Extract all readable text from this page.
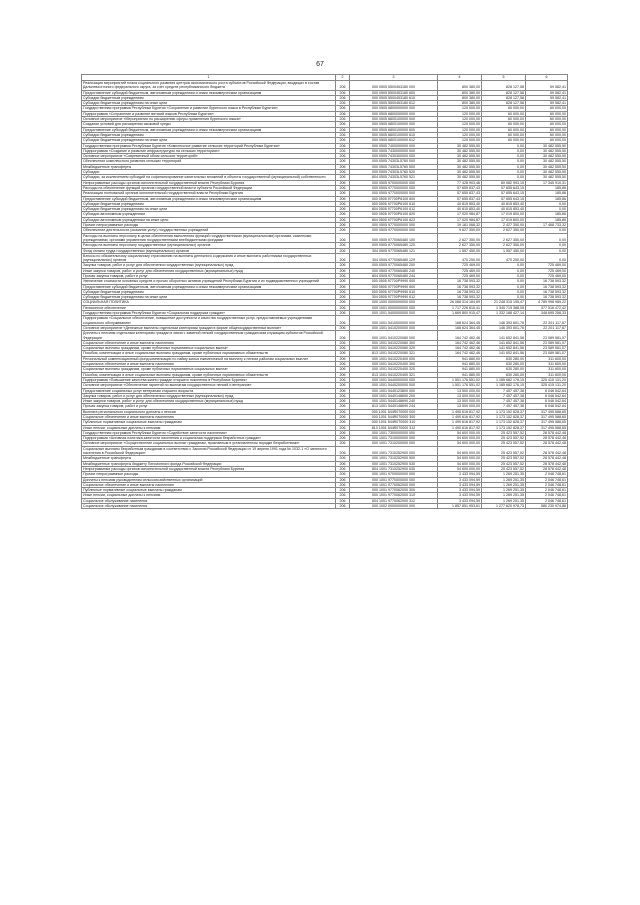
67
1	2	3	4	5	6
Реализация мероприятий плана социального развития центров экономического роста субъектов Российской Федерации, входящих в состав Дальневосточного федерального округа, за счет средств республиканского бюджета	206	000 0505 5500453180 000	800 380,00	828 127,58	59 582,41
Предоставление субсидий бюджетным, автономным учреждениям и иным некоммерческим организациям	206	000 0505 5500453180 600	800 380,00	828 127,58	59 582,41
Субсидии бюджетным учреждениям	206	000 0505 5500453180 610	800 380,00	828 127,58	59 582,41
Субсидии бюджетным учреждениям на иные цели	206	000 0505 5500453180 612	800 380,00	828 127,58	59 582,41
Государственная программа Республики Бурятия «Сохранение и развитие бурятского языка в Республике Бурятия»	206	000 0505 6800000000 000	120 000,00	60 000,00	60 000,00
Подпрограмма «Сохранение и развитие вятский языков Республики Бурятия»	206	000 0505 6800000000 000	120 000,00	60 000,00	60 000,00
Основное мероприятие «Мероприятия по расширению сферы применения бурятского языка»	206	000 0505 6800100000 000	120 000,00	60 000,00	60 000,00
Создание условий для расширения языковой среды	206	000 0505 6800100000 000	120 000,00	60 000,00	60 000,00
Предоставление субсидий бюджетным, автономным учреждениям и иным некоммерческим организациям	206	000 0505 6800100000 600	120 000,00	60 000,00	60 000,00
Субсидии бюджетным учреждениям	206	000 0505 6800100000 610	120 000,00	60 000,00	60 000,00
Субсидии бюджетным учреждениям на иные цели	206	000 0505 6800100000 612	120 000,00	60 000,00	60 000,00
Государственная программа Республики Бурятия «Комплексное развитие сельских территорий Республики Бурятия»	206	000 0505 7400000000 000	30 482 555,50	0,00	30 482 555,50
Подпрограмма «Создание и развитие инфраструктуры на сельских территориях»	206	000 0505 7430000000 000	30 482 555,50	0,00	30 482 555,50
Основное мероприятие «Современный облик сельских территорий»	206	000 0505 7430300000 000	30 482 555,50	0,00	30 482 555,50
Обеспечение комплексного развития сельских территорий	206	000 0505 74303L5760 000	30 482 555,50	0,00	30 482 555,50
Межбюджетные трансферты	206	000 0505 74303L5760 500	30 482 555,50	0,00	30 482 555,50
Субсидии	206	000 0505 74303L5760 520	30 482 555,50	0,00	30 482 555,50
Субсидии, за исключением субсидий на софинансирование капитальных вложений в объекты государственной (муниципальной) собственности	206	804 0505 74303L5760 521	30 482 555,50	0,00	30 482 555,50
Непрограммные расходы органов исполнительной государственной власти Республики Бурятия	206	000 0505 9700000000 000	77 428 903,46	60 082 993,15	17 345 910,31
Расходы на обеспечение функций органов государственной власти субъекта Российской Федерации	206	000 0505 9770000000 000	57 655 837,43	57 655 643,15	185,86
Реализация полномочий органов исполнительной государственной власти Республики Бурятия	206	000 0505 9770000000 000	57 655 837,43	57 655 643,15	185,86
Предоставление субсидий бюджетным, автономным учреждениям и иным некоммерческим организациям	206	000 0505 97700P6100 600	57 655 837,43	57 655 643,15	185,86
Субсидии бюджетным учреждениям	206	000 0505 97700P6100 610	40 815 853,40	40 815 853,40	0,00
Субсидии бюджетным учреждениям на иные цели	206	804 0505 97700P6100 612	40 815 853,40	40 815 853,40	0,00
Субсидии автономным учреждениям	206	000 0505 97700P6100 620	17 020 984,87	17 019 800,00	185,86
Субсидии автономным учреждениям на иные цели	206	804 0505 97700P6100 622	17 020 984,87	17 019 800,00	185,86
Прочие непрограммные расходы	206	000 0505 9770000000 000	19 161 068,32	2 427 350,00	17 468 733,32
Обеспечение деятельности (оказание услуг) государственных учреждений	206	000 0505 9770000000 000	9 627 350,00	2 627 350,00	0,00
Расходы на выплаты персоналу в целях обеспечения выполнения функций государственными (муниципальными) органами, казенными учреждениями, органами управления государственными внебюджетными фондами	206	000 0505 9770065480 100	2 627 350,00	2 627 350,00	0,00
Расходы на выплаты персоналу государственных (муниципальных) органов	206	000 0505 9770065480 120	2 627 350,00	2 627 350,00	0,00
Фонд оплаты труда государственных (муниципальных) органов	206	304 0505 9770065480 121	1 557 450,00	1 557 450,00	0,00
Взносы по обязательному социальному страхованию на выплаты денежного содержания и иные выплаты работникам государственных (муниципальных) органов	206	304 0505 9770065480 129	470 250,00	470 250,00	0,00
Закупка товаров, работ и услуг для обеспечения государственных (муниципальных) нужд	206	000 0505 9770065480 200	725 469,00	0,00	725 469,00
Иные закупки товаров, работ и услуг для обеспечения государственных (муниципальных) нужд	206	000 0505 9770065480 240	725 469,00	0,00	725 469,00
Прочая закупка товаров, работ и услуг	206	804 0505 9770065480 244	725 469,00	0,00	725 469,00
Увеличение стоимости основных средств и прочих оборотных активов учреждений Республики Бурятия и их подведомственных учреждений	206	000 0505 97700P9990 000	16 738 593,32	0,00	16 738 593,32
Предоставление субсидий бюджетным, автономным учреждениям и иным некоммерческим организациям	206	000 0505 97700P9990 600	16 738 593,32	0,00	16 738 593,32
Субсидии бюджетным учреждениям	206	000 0505 97700P9990 610	16 738 593,32	0,00	16 738 593,32
Субсидии бюджетным учреждениям на иные цели	206	304 0505 97700P9990 612	16 738 593,32	0,00	16 738 593,32
СОЦИАЛЬНАЯ ПОЛИТИКА	206	000 1000 0000000000 000	26 068 314 184,69	21 248 315 195,47	4 789 998 989,22
Пенсионное обеспечение	206	000 1001 0000000000 000	1 717 226 810,41	1 340 719 388,05	377 516 472,42
Государственная программа Республики Бурятия «Социальная поддержка граждан»	206	000 1001 5400000000 000	1 669 800 915,47	1 332 188 427,14	348 695 258,33
Подпрограмма «Социальное обеспечение, повышение доступности и качества государственных услуг, предоставляемых учреждениями социального обслуживания»	206	000 1001 5410000000 000	168 624 364,45	146 393 601,76	22 201 117,67
Основное мероприятие «Денежные выплаты отдельным категориям граждан в форме общегосударственных выплат»	206	000 1001 5410200000 000	168 624 364,45	146 393 601,76	22 201 117,67
Доплаты к пенсиям отдельным категориям граждан в связи с заменой пенсий государственным гражданским служащим субъектов Российской Федерации	206	000 1001 5410220080 000	164 742 462,46	141 652 841,56	23 089 581,07
Социальное обеспечение и иные выплаты населению	206	000 1001 5410220080 300	164 742 462,46	141 652 841,56	23 089 581,07
Социальные выплаты гражданам, кроме публичных нормативных социальных выплат	206	000 1001 5410220080 320	164 742 462,46	141 652 841,56	23 089 581,07
Пособия, компенсации и иные социальные выплаты гражданам, кроме публичных нормативных обязательств	206	813 1001 5410220080 321	164 742 462,46	141 652 841,56	23 089 581,07
Региональный компенсационный фонд компенсации по найму жилья ежемесячный на выплату к пенсии районам социальных выплат	206	000 1001 5410220400 000	941 880,00	630 280,00	311 600,00
Социальное обеспечение и иные выплаты населению	206	000 1001 5410220400 300	941 880,00	630 280,00	311 600,00
Социальные выплаты гражданам, кроме публичных нормативных социальных выплат	206	000 1001 5410220400 320	941 880,00	630 280,00	311 600,00
Пособия, компенсации и иные социальные выплаты гражданам, кроме публичных нормативных обязательств	206	813 1001 5410220400 321	941 880,00	630 280,00	311 600,00
Подпрограмма «Повышение качества жизни граждан старшего поколения в Республике Бурятия»	206	000 1001 5440000000 000	1 501 176 551,02	1 185 682 176,15	325 415 131,20
Основное мероприятие «Обеспечение гарантий по выплатам государственных пенсий и ветеранов»	206	000 1001 5440200000 000	1 501 176 551,02	1 185 682 176,15	325 415 131,20
Предоставление социальных услуг ветеранам старшего возраста	206	000 1001 5440123800 000	13 500 000,00	7 457 457,38	6 046 542,64
Закупка товаров, работ и услуг для обеспечения государственных (муниципальных) нужд	206	000 1001 5440148690 200	13 500 000,00	7 457 457,38	6 046 542,64
Иные закупки товаров, работ и услуг для обеспечения государственных (муниципальных) нужд	206	000 1001 5440148690 240	13 500 000,00	7 457 457,38	6 046 542,64
Прочая закупка товаров, работ и услуг	206	813 1001 5440148690 244	13 500 000,00	7 457 457,38	6 046 542,64
Выплата регионального социального доплаты к пенсии	206	000 1001 544R070000 000	1 490 616 817,92	1 173 152 828,37	317 495 588,65
Социальное обеспечение и иные выплаты населению	206	000 1001 544R070000 300	1 490 616 817,92	1 173 152 828,37	317 495 588,65
Публичные нормативные социальные выплаты гражданам	206	000 1001 544R070000 310	1 490 616 817,92	1 173 152 828,37	317 495 588,65
Иные пенсии, социальные доплаты к пенсиям	206	813 1001 544R070000 312	1 490 616 817,92	1 173 152 828,37	317 495 588,65
Государственная программа Республики Бурятия «Содействие занятости населения»	206	000 1001 7300000000 000	54 600 000,00	25 423 557,52	28 578 442,48
Подпрограмма «Активная политика занятости населения и социальная поддержка безработных граждан»	206	000 1001 7310000000 000	54 600 000,00	25 423 557,52	28 578 442,48
Основное мероприятие «Осуществление социальных выплат гражданам, признанным в установленном порядке безработными»	206	000 1001 7310200000 000	54 600 000,00	25 423 557,52	28 578 442,48
Социальные выплаты безработным гражданам в соответствии с Законом Российской Федерации от 19 апреля 1991 года № 1032-1 «О занятости населения в Российской Федерации»	206	000 1001 7310252900 000	54 600 000,00	25 423 557,52	28 578 442,48
Межбюджетные трансферты	206	000 1001 7310252900 500	54 600 000,00	25 423 557,52	28 578 442,48
Межбюджетные трансферты бюджету Пенсионного фонда Российской Федерации	206	000 1001 7310252900 530	54 600 000,00	25 423 557,52	28 578 442,48
Непрограммные расходы органов исполнительной государственной власти Республики Бурятия	206	804 1001 7310252900 530	54 600 000,00	25 423 557,52	28 578 442,48
Прочие непрограммные расходы	206	000 1001 9700000000 000	3 433 094,59	1 269 251,35	2 046 748,61
Доплаты к пенсиям руководителям сельскохозяйственных организаций	206	000 1001 9770000000 000	3 433 094,59	1 269 251,35	2 046 748,61
Социальное обеспечение и иные выплаты населению	206	000 1001 9770062000 000	3 433 094,59	1 269 251,35	2 046 748,61
Публичные нормативные социальные выплаты гражданам	206	000 1001 9770062000 300	3 433 094,59	1 269 251,35	2 046 748,61
Иные пенсии, социальные доплаты к пенсиям	206	000 1001 9770062000 310	3 433 094,59	1 269 251,35	2 046 748,61
Социальное обслуживание населения	206	804 1001 9770062000 312	3 433 094,59	1 269 251,35	2 046 748,61
Социальное обслуживание населения	206	000 1002 0000000000 000	1 857 851 953,61	1 277 620 978,73	580 230 974,88
